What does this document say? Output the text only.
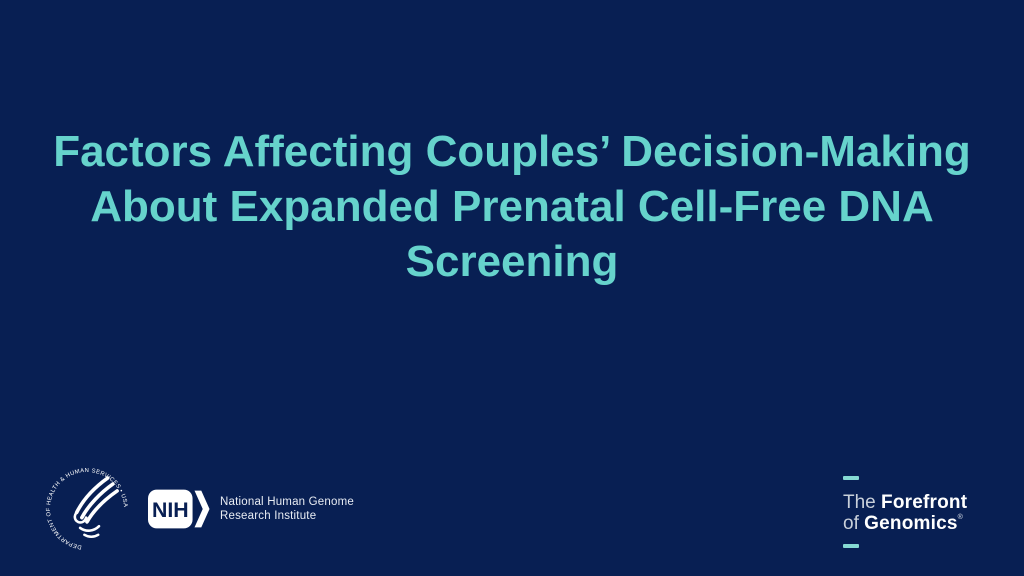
Factors Affecting Couples’ Decision-Making
About Expanded Prenatal Cell-Free DNA
Screening
DEPARTMENT OF HEALTH & HUMAN SERVICES • USA NIH	National Human Genome
Research Institute
The Forefront
of Genomics®
